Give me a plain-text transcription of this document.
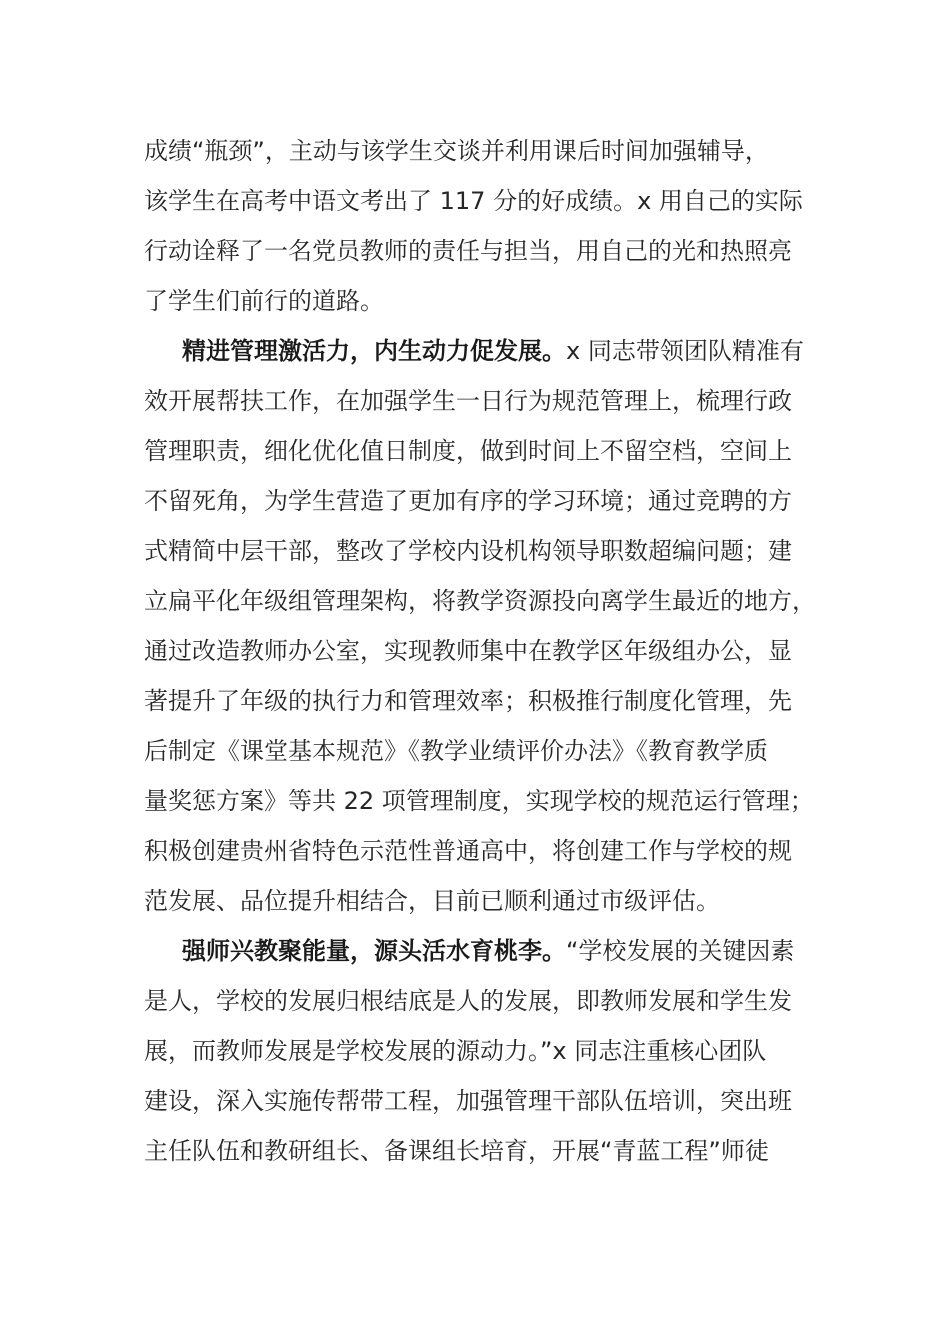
成绩“瓶颈”，主动与该学生交谈并利用课后时间加强辅导，
该学生在高考中语文考出了 117 分的好成绩。x 用自己的实际
行动诠释了一名党员教师的责任与担当，用自己的光和热照亮
了学生们前行的道路。
精进管理激活力，内生动力促发展。x 同志带领团队精准有
效开展帮扶工作，在加强学生一日行为规范管理上，梳理行政
管理职责，细化优化值日制度，做到时间上不留空档，空间上
不留死角，为学生营造了更加有序的学习环境；通过竞聘的方
式精简中层干部，整改了学校内设机构领导职数超编问题；建
立扁平化年级组管理架构，将教学资源投向离学生最近的地方，
通过改造教师办公室，实现教师集中在教学区年级组办公，显
著提升了年级的执行力和管理效率；积极推行制度化管理，先
后制定《课堂基本规范》《教学业绩评价办法》《教育教学质
量奖惩方案》等共 22 项管理制度，实现学校的规范运行管理；
积极创建贵州省特色示范性普通高中，将创建工作与学校的规
范发展、品位提升相结合，目前已顺利通过市级评估。
强师兴教聚能量，源头活水育桃李。“学校发展的关键因素
是人，学校的发展归根结底是人的发展，即教师发展和学生发
展，而教师发展是学校发展的源动力。”x 同志注重核心团队
建设，深入实施传帮带工程，加强管理干部队伍培训，突出班
主任队伍和教研组长、备课组长培育，开展“青蓝工程”师徒
